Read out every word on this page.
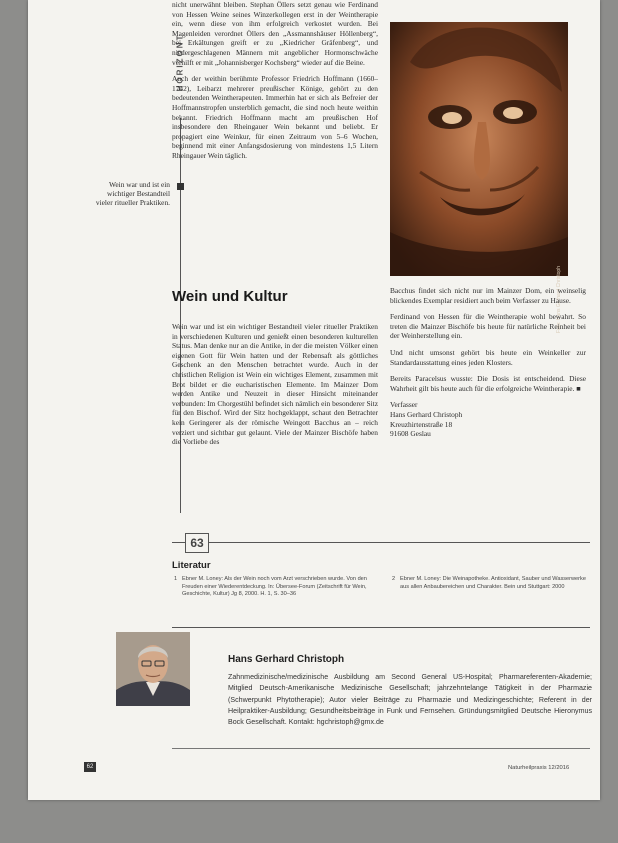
HORIZONT
Wein war und ist ein wichtiger Bestandteil vieler ritueller Praktiken.

nicht unerwähnt bleiben. Stephan Öllers setzt genau wie Ferdinand von Hessen Weine seines Winzerkollegen erst in der Weintherapie ein, wenn diese von ihm erfolgreich verkostet wurden. Bei Magenleiden verordnet Öllers den „Assmannshäuser Höllenberg“, bei Erkältungen greift er zu „Kiedricher Gräfenberg“, und niedergeschlagenen Männern mit angeblicher Hormonschwäche verhilft er mit „Johannisberger Kochsberg“ wieder auf die Beine.

Auch der weithin berühmte Professor Friedrich Hoffmann (1660–1742), Leibarzt mehrerer preußischer Könige, gehört zu den bedeutenden Weintherapeuten. Immerhin hat er sich als Befreier der Hoffmannstropfen unsterblich gemacht, die sind noch heute weithin bekannt. Friedrich Hoffmann macht am preußischen Hof insbesondere den Rheingauer Wein bekannt und beliebt. Er propagiert eine Weinkur, für einen Zeitraum von 5–6 Wochen, beginnend mit einer Anfangsdosierung von mindestens 1,5 Litern Rheingauer Wein täglich.

Foto: Hans Gerhard Christoph
Wein und Kultur

Wein war und ist ein wichtiger Bestandteil vieler ritueller Praktiken in verschiedenen Kulturen und genießt einen besonderen kulturellen Status. Man denke nur an die Antike, in der die meisten Völker einen eigenen Gott für Wein hatten und der Rebensaft als göttliches Geschenk an den Menschen betrachtet wurde. Auch in der christlichen Religion ist Wein ein wichtiges Element, zusammen mit Brot bildet er die eucharistischen Elemente. Im Mainzer Dom werden Antike und Neuzeit in dieser Hinsicht miteinander verbunden: Im Chorgestühl befindet sich nämlich ein besonderer Sitz für den Bischof. Wird der Sitz hochgeklappt, schaut den Betrachter kein Geringerer als der römische Weingott Bacchus an – reich verziert und sichtbar gut gelaunt. Viele der Mainzer Bischöfe haben die Vorliebe des

Bacchus findet sich nicht nur im Mainzer Dom, ein weinselig blickendes Exemplar residiert auch beim Verfasser zu Hause.

Ferdinand von Hessen für die Weintherapie wohl bewahrt. So treten die Mainzer Bischöfe bis heute für natürliche Reinheit bei der Weinherstellung ein.

Und nicht umsonst gehört bis heute ein Weinkeller zur Standardausstattung eines jeden Klosters.

Bereits Paracelsus wusste: Die Dosis ist entscheidend. Diese Wahrheit gilt bis heute auch für die erfolgreiche Weintherapie. ■

Verfasser
Hans Gerhard Christoph
Kreuzhirtenstraße 18
91608 Geslau
63
Literatur
1 Ebner M. Loney: Als der Wein noch vom Arzt verschrieben wurde. Von den Freuden einer Wiederentdeckung. In: Übersee-Forum (Zeitschrift für Wein, Geschichte, Kultur) Jg 8, 2000. H. 1, S. 30–36
2 Ebner M. Loney: Die Weinapotheke. Antioxidant, Sauber und Wasserwerke aus allen Anbaubereichen und Charakter. Bein und Stuttgart: 2000
Hans Gerhard Christoph
Zahnmedizinische/medizinische Ausbildung am Second General US-Hospital; Pharmareferenten-Akademie; Mitglied Deutsch-Amerikanische Medizinische Gesellschaft; jahrzehntelange Tätigkeit in der Pharmazie (Schwerpunkt Phytotherapie); Autor vieler Beiträge zu Pharmazie und Medizingeschichte; Referent in der Heilpraktiker-Ausbildung; Gesundheitsbeiträge in Funk und Fernsehen. Gründungsmitglied Deutsche Hieronymus Bock Gesellschaft. Kontakt: hgchristoph@gmx.de
62	Naturheilpraxis 12/2016
